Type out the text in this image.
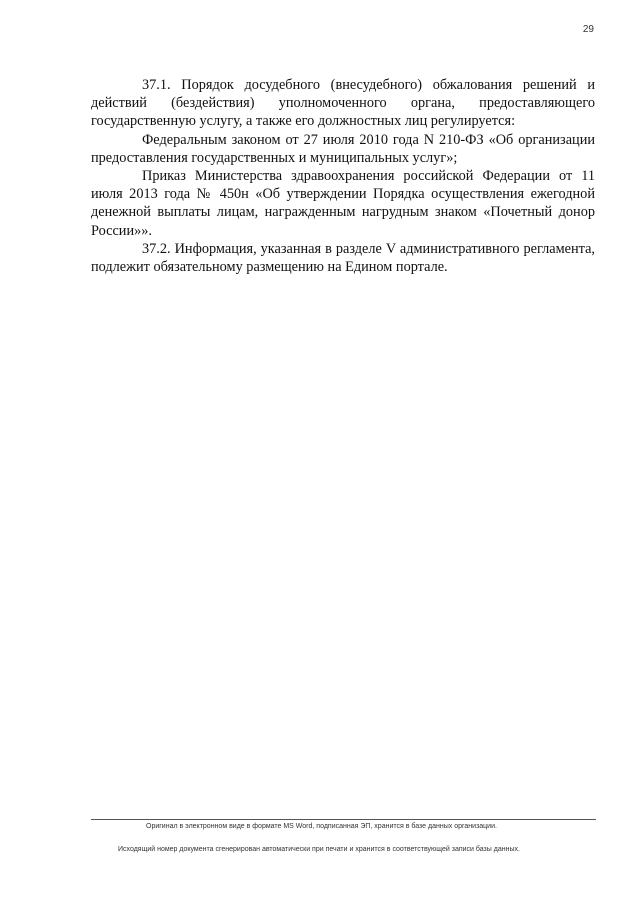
29

37.1. Порядок досудебного (внесудебного) обжалования решений и действий (бездействия) уполномоченного органа, предоставляющего государственную услугу, а также его должностных лиц регулируется:

Федеральным законом от 27 июля 2010 года N 210-ФЗ «Об организации предоставления государственных и муниципальных услуг»;

Приказ Министерства здравоохранения российской Федерации от 11 июля 2013 года № 450н «Об утверждении Порядка осуществления ежегодной денежной выплаты лицам, награжденным нагрудным знаком «Почетный донор России»».

37.2. Информация, указанная в разделе V административного регламента, подлежит обязательному размещению на Едином портале.

Оригинал в электронном виде в формате MS Word, подписанная ЭП, хранится в базе данных организации.
Исходящий номер документа сгенерирован автоматически при печати и хранится в соответствующей записи базы данных.
